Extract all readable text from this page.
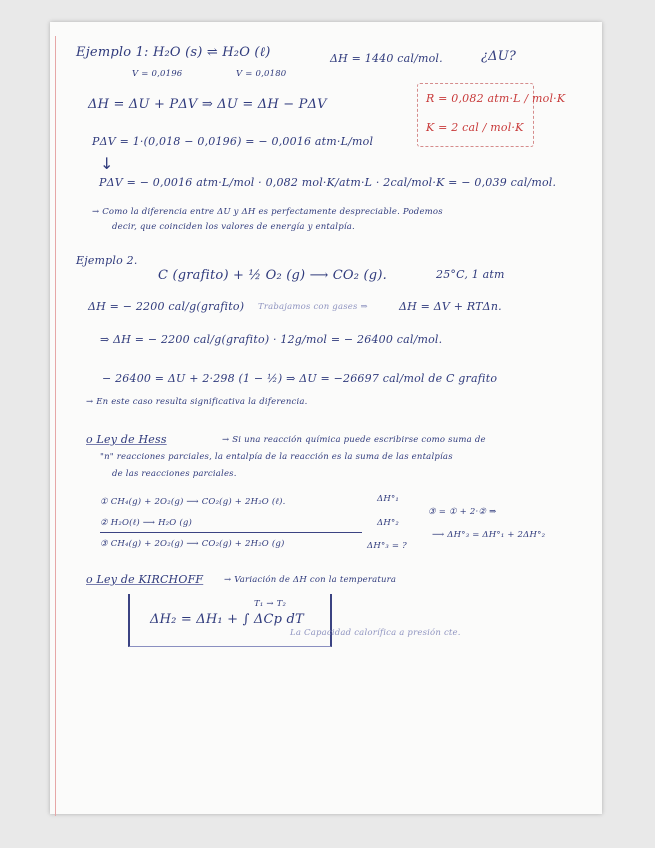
Ejemplo 1: H₂O (s) ⇌ H₂O (ℓ)	ΔH = 1440 cal/mol.	¿ΔU?
V = 0,0196	V = 0,0180
ΔH = ΔU + PΔV ⇒ ΔU = ΔH − PΔV	R = 0,082 atm·L / mol·K
K = 2 cal / mol·K
PΔV = 1·(0,018 − 0,0196) = − 0,0016 atm·L/mol
↓
PΔV = − 0,0016 atm·L/mol · 0,082 mol·K/atm·L · 2cal/mol·K = − 0,039 cal/mol.
→ Como la diferencia entre ΔU y ΔH es perfectamente despreciable. Podemos
decir, que coinciden los valores de energía y entalpía.
Ejemplo 2.
C (grafito) + ½ O₂ (g) ⟶ CO₂ (g).	25°C, 1 atm
ΔH = − 2200 cal/g(grafito) Trabajamos con gases ⇒	ΔH = ΔV + RTΔn.
⇒ ΔH = − 2200 cal/g(grafito) · 12g/mol = − 26400 cal/mol.
− 26400 = ΔU + 2·298 (1 − ½) ⇒ ΔU = −26697 cal/mol de C grafito
→ En este caso resulta significativa la diferencia.
o Ley de Hess	→ Si una reacción química puede escribirse como suma de
"n" reacciones parciales, la entalpía de la reacción es la suma de las entalpías
de las reacciones parciales.
① CH₄(g) + 2O₂(g) ⟶ CO₂(g) + 2H₂O (ℓ).	ΔH°₁
② H₂O(ℓ) ⟶ H₂O (g)	ΔH°₂
③ CH₄(g) + 2O₂(g) ⟶ CO₂(g) + 2H₂O (g)	ΔH°₃ = ?
③ = ① + 2·② ⇒
⟶ ΔH°₃ = ΔH°₁ + 2ΔH°₂
o Ley de KIRCHOFF → Variación de ΔH con la temperatura
ΔH₂ = ΔH₁ + ∫ ΔCp dT
T₁ → T₂
La Capacidad calorífica a presión cte.
